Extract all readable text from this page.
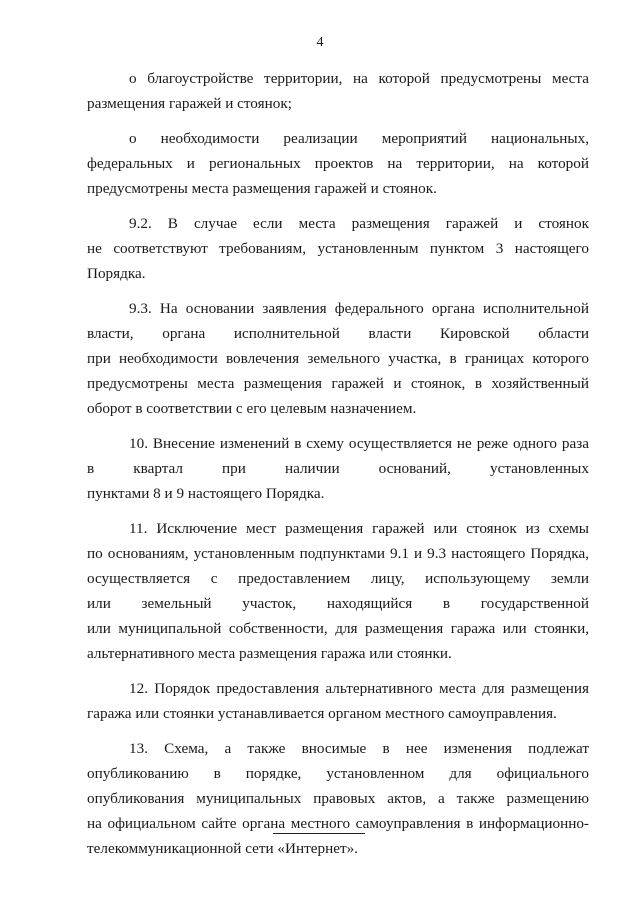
4
о благоустройстве территории, на которой предусмотрены места
размещения гаражей и стоянок;
о необходимости реализации мероприятий национальных,
федеральных и региональных проектов на территории, на которой
предусмотрены места размещения гаражей и стоянок.
9.2. В случае если места размещения гаражей и стоянок
не соответствуют требованиям, установленным пунктом 3 настоящего
Порядка.
9.3. На основании заявления федерального органа исполнительной
власти, органа исполнительной власти Кировской области
при необходимости вовлечения земельного участка, в границах которого
предусмотрены места размещения гаражей и стоянок, в хозяйственный
оборот в соответствии с его целевым назначением.
10. Внесение изменений в схему осуществляется не реже одного раза
в квартал при наличии оснований, установленных
пунктами 8 и 9 настоящего Порядка.
11. Исключение мест размещения гаражей или стоянок из схемы
по основаниям, установленным подпунктами 9.1 и 9.3 настоящего Порядка,
осуществляется с предоставлением лицу, использующему земли
или земельный участок, находящийся в государственной
или муниципальной собственности, для размещения гаража или стоянки,
альтернативного места размещения гаража или стоянки.
12. Порядок предоставления альтернативного места для размещения
гаража или стоянки устанавливается органом местного самоуправления.
13. Схема, а также вносимые в нее изменения подлежат
опубликованию в порядке, установленном для официального
опубликования муниципальных правовых актов, а также размещению
на официальном сайте органа местного самоуправления в информационно-
телекоммуникационной сети «Интернет».
